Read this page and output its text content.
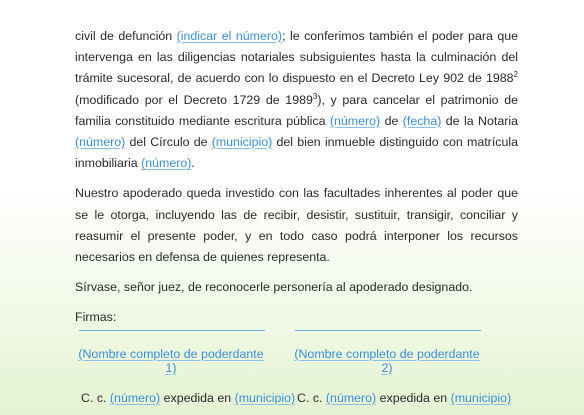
civil de defunción (indicar el número); le conferimos también el poder para que intervenga en las diligencias notariales subsiguientes hasta la culminación del trámite sucesoral, de acuerdo con lo dispuesto en el Decreto Ley 902 de 1988$^2$ (modificado por el Decreto 1729 de 1989$^3$), y para cancelar el patrimonio de familia constituido mediante escritura pública (número) de (fecha) de la Notaria (número) del Círculo de (municipio) del bien inmueble distinguido con matrícula inmobiliaria (número).

Nuestro apoderado queda investido con las facultades inherentes al poder que se le otorga, incluyendo las de recibir, desistir, sustituir, transigir, conciliar y reasumir el presente poder, y en todo caso podrá interponer los recursos necesarios en defensa de quienes representa.

Sírvase, señor juez, de reconocerle personería al apoderado designado.

Firmas:

(Nombre completo de poderdante 1)
C. c. (número) expedida en (municipio)
(Nombre completo de poderdante 2)
C. c. (número) expedida en (municipio)
